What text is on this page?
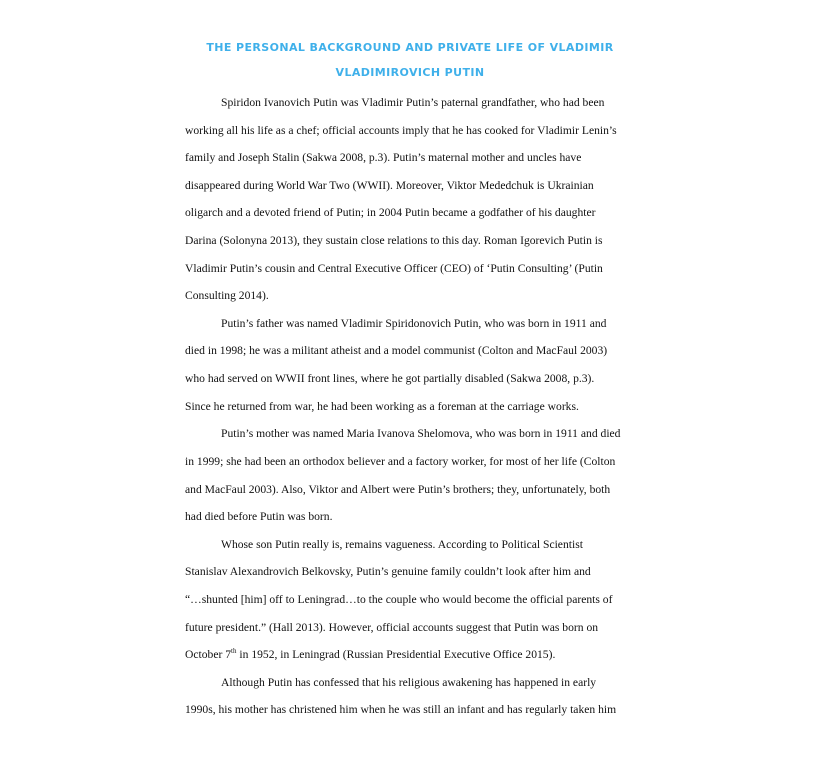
THE PERSONAL BACKGROUND AND PRIVATE LIFE OF VLADIMIR
VLADIMIROVICH PUTIN
Spiridon Ivanovich Putin was Vladimir Putin’s paternal grandfather, who had been
working all his life as a chef; official accounts imply that he has cooked for Vladimir Lenin’s
family and Joseph Stalin (Sakwa 2008, p.3). Putin’s maternal mother and uncles have
disappeared during World War Two (WWII). Moreover, Viktor Mededchuk is Ukrainian
oligarch and a devoted friend of Putin; in 2004 Putin became a godfather of his daughter
Darina (Solonyna 2013), they sustain close relations to this day. Roman Igorevich Putin is
Vladimir Putin’s cousin and Central Executive Officer (CEO) of ‘Putin Consulting’ (Putin
Consulting 2014).
Putin’s father was named Vladimir Spiridonovich Putin, who was born in 1911 and
died in 1998; he was a militant atheist and a model communist (Colton and MacFaul 2003)
who had served on WWII front lines, where he got partially disabled (Sakwa 2008, p.3).
Since he returned from war, he had been working as a foreman at the carriage works.
Putin’s mother was named Maria Ivanova Shelomova, who was born in 1911 and died
in 1999; she had been an orthodox believer and a factory worker, for most of her life (Colton
and MacFaul 2003). Also, Viktor and Albert were Putin’s brothers; they, unfortunately, both
had died before Putin was born.
Whose son Putin really is, remains vagueness. According to Political Scientist
Stanislav Alexandrovich Belkovsky, Putin’s genuine family couldn’t look after him and
“…shunted [him] off to Leningrad…to the couple who would become the official parents of
future president.” (Hall 2013). However, official accounts suggest that Putin was born on
October 7th in 1952, in Leningrad (Russian Presidential Executive Office 2015).
Although Putin has confessed that his religious awakening has happened in early
1990s, his mother has christened him when he was still an infant and has regularly taken him
